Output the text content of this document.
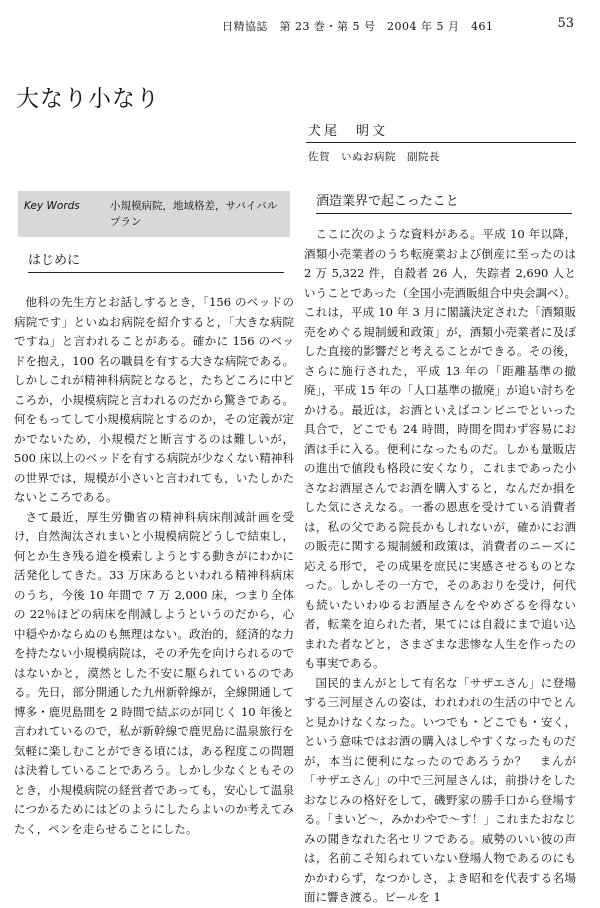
日精協誌　第 23 巻・第 5 号　2004 年 5 月　461	53
大なり小なり
犬尾　明文
佐賀　いぬお病院　副院長
Key Words	小規模病院，地域格差，サバイバルプラン
はじめに

他科の先生方とお話しするとき，「156 のベッドの病院です」といぬお病院を紹介すると，「大きな病院ですね」と言われることがある。確かに 156 のベッドを抱え，100 名の職員を有する大きな病院である。しかしこれが精神科病院となると，たちどころに中どころか，小規模病院と言われるのだから驚きである。何をもってして小規模病院とするのか，その定義が定かでないため，小規模だと断言するのは難しいが，500 床以上のベッドを有する病院が少なくない精神科の世界では，規模が小さいと言われても，いたしかたないところである。

さて最近，厚生労働省の精神科病床削減計画を受け，自然淘汰されまいと小規模病院どうしで結束し，何とか生き残る道を模索しようとする動きがにわかに活発化してきた。33 万床あるといわれる精神科病床のうち，今後 10 年間で 7 万 2,000 床，つまり全体の 22％ほどの病床を削減しようというのだから，心中穏やかならぬのも無理はない。政治的，経済的な力を持たない小規模病院は，その矛先を向けられるのではないかと，漠然とした不安に駆られているのである。先日，部分開通した九州新幹線が，全線開通して博多・鹿児島間を 2 時間で結ぶのが同じく 10 年後と言われているので，私が新幹線で鹿児島に温泉旅行を気軽に楽しむことができる頃には，ある程度この問題は決着していることであろう。しかし少なくともそのとき，小規模病院の経営者であっても，安心して温泉につかるためにはどのようにしたらよいのか考えてみたく，ペンを走らせることにした。

酒造業界で起こったこと

ここに次のような資料がある。平成 10 年以降，酒類小売業者のうち転廃業および倒産に至ったのは 2 万 5,322 件，自殺者 26 人，失踪者 2,690 人ということであった（全国小売酒販組合中央会調べ）。これは，平成 10 年 3 月に閣議決定された「酒類販売をめぐる規制緩和政策」が，酒類小売業者に及ぼした直接的影響だと考えることができる。その後，さらに施行された，平成 13 年の「距離基準の撤廃」，平成 15 年の「人口基準の撤廃」が追い討ちをかける。最近は，お酒といえばコンビニでといった具合で，どこでも 24 時間，時間を問わず容易にお酒は手に入る。便利になったものだ。しかも量販店の進出で値段も格段に安くなり，これまであった小さなお酒屋さんでお酒を購入すると，なんだか損をした気にさえなる。一番の恩恵を受けている消費者は，私の父である院長かもしれないが，確かにお酒の販売に関する規制緩和政策は，消費者のニーズに応える形で，その成果を庶民に実感させるものとなった。しかしその一方で，そのあおりを受け，何代も続いたいわゆるお酒屋さんをやめざるを得ない者，転業を迫られた者，果てには自殺にまで追い込まれた者などと，さまざまな悲惨な人生を作ったのも事実である。

国民的まんがとして有名な「サザエさん」に登場する三河屋さんの姿は，われわれの生活の中でとんと見かけなくなった。いつでも・どこでも・安く，という意味ではお酒の購入はしやすくなったものだが，本当に便利になったのであろうか？　まんが「サザエさん」の中で三河屋さんは，前掛けをしたおなじみの格好をして，磯野家の勝手口から登場する。「まいど～，みかわやで～す！」これまたおなじみの聞きなれた名セリフである。威勢のいい彼の声は，名前こそ知られていない登場人物であるのにもかかわらず，なつかしさ，よき昭和を代表する名場面に響き渡る。ビールを 1
